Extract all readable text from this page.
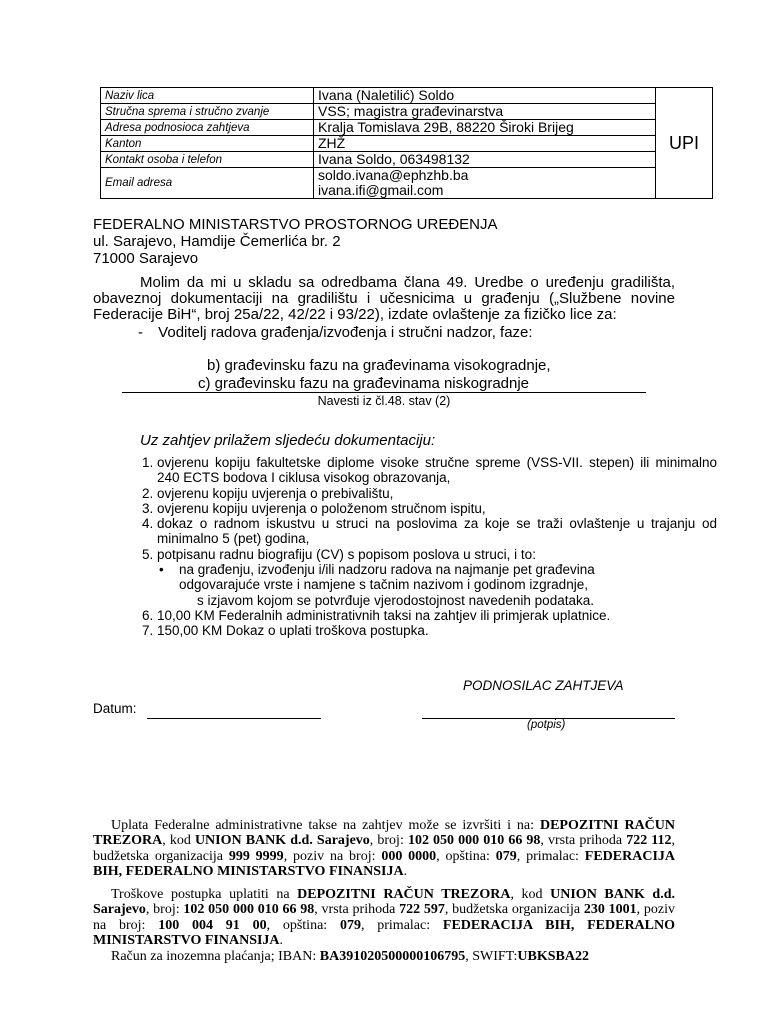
Naziv lica	Ivana (Naletilić) Soldo	UPI
Stručna sprema i stručno zvanje	VSS; magistra građevinarstva	
Adresa podnosioca zahtjeva	Kralja Tomislava 29B, 88220 Široki Brijeg	
Kanton	ZHŽ	
Kontakt osoba i telefon	Ivana Soldo, 063498132	
Email adresa	soldo.ivana@ephzhb.ba
ivana.ifi@gmail.com	
FEDERALNO MINISTARSTVO PROSTORNOG UREĐENJA
ul. Sarajevo, Hamdije Čemerlića br. 2
71000 Sarajevo
Molim da mi u skladu sa odredbama člana 49. Uredbe o uređenju gradilišta, obaveznoj dokumentaciji na gradilištu i učesnicima u građenju („Službene novine Federacije BiH“, broj 25a/22, 42/22 i 93/22), izdate ovlaštenje za fizičko lice za:
- Voditelj radova građenja/izvođenja i stručni nadzor, faze:
b) građevinsku fazu na građevinama visokogradnje,
c) građevinsku fazu na građevinama niskogradnje
Navesti iz čl.48. stav (2)
Uz zahtjev prilažem sljedeću dokumentaciju:
1. ovjerenu kopiju fakultetske diplome visoke stručne spreme (VSS-VII. stepen) ili minimalno 240 ECTS bodova I ciklusa visokog obrazovanja,
2. ovjerenu kopiju uvjerenja o prebivalištu,
3. ovjerenu kopiju uvjerenja o položenom stručnom ispitu,
4. dokaz o radnom iskustvu u struci na poslovima za koje se traži ovlaštenje u trajanju od minimalno 5 (pet) godina,
5. potpisanu radnu biografiju (CV) s popisom poslova u struci, i to:
• na građenju, izvođenju i/ili nadzoru radova na najmanje pet građevina
odgovarajuće vrste i namjene s tačnim nazivom i godinom izgradnje,
s izjavom kojom se potvrđuje vjerodostojnost navedenih podataka.
6. 10,00 KM Federalnih administrativnih taksi na zahtjev ili primjerak uplatnice.
7. 150,00 KM Dokaz o uplati troškova postupka.
PODNOSILAC ZAHTJEVA
Datum:
(potpis)
Uplata Federalne administrativne takse na zahtjev može se izvršiti i na: DEPOZITNI RAČUN TREZORA, kod UNION BANK d.d. Sarajevo, broj: 102 050 000 010 66 98, vrsta prihoda 722 112, budžetska organizacija 999 9999, poziv na broj: 000 0000, opština: 079, primalac: FEDERACIJA BIH, FEDERALNO MINISTARSTVO FINANSIJA.
Troškove postupka uplatiti na DEPOZITNI RAČUN TREZORA, kod UNION BANK d.d. Sarajevo, broj: 102 050 000 010 66 98, vrsta prihoda 722 597, budžetska organizacija 230 1001, poziv na broj: 100 004 91 00, opština: 079, primalac: FEDERACIJA BIH, FEDERALNO MINISTARSTVO FINANSIJA.
Račun za inozemna plaćanja; IBAN: BA391020500000106795, SWIFT:UBKSBA22
